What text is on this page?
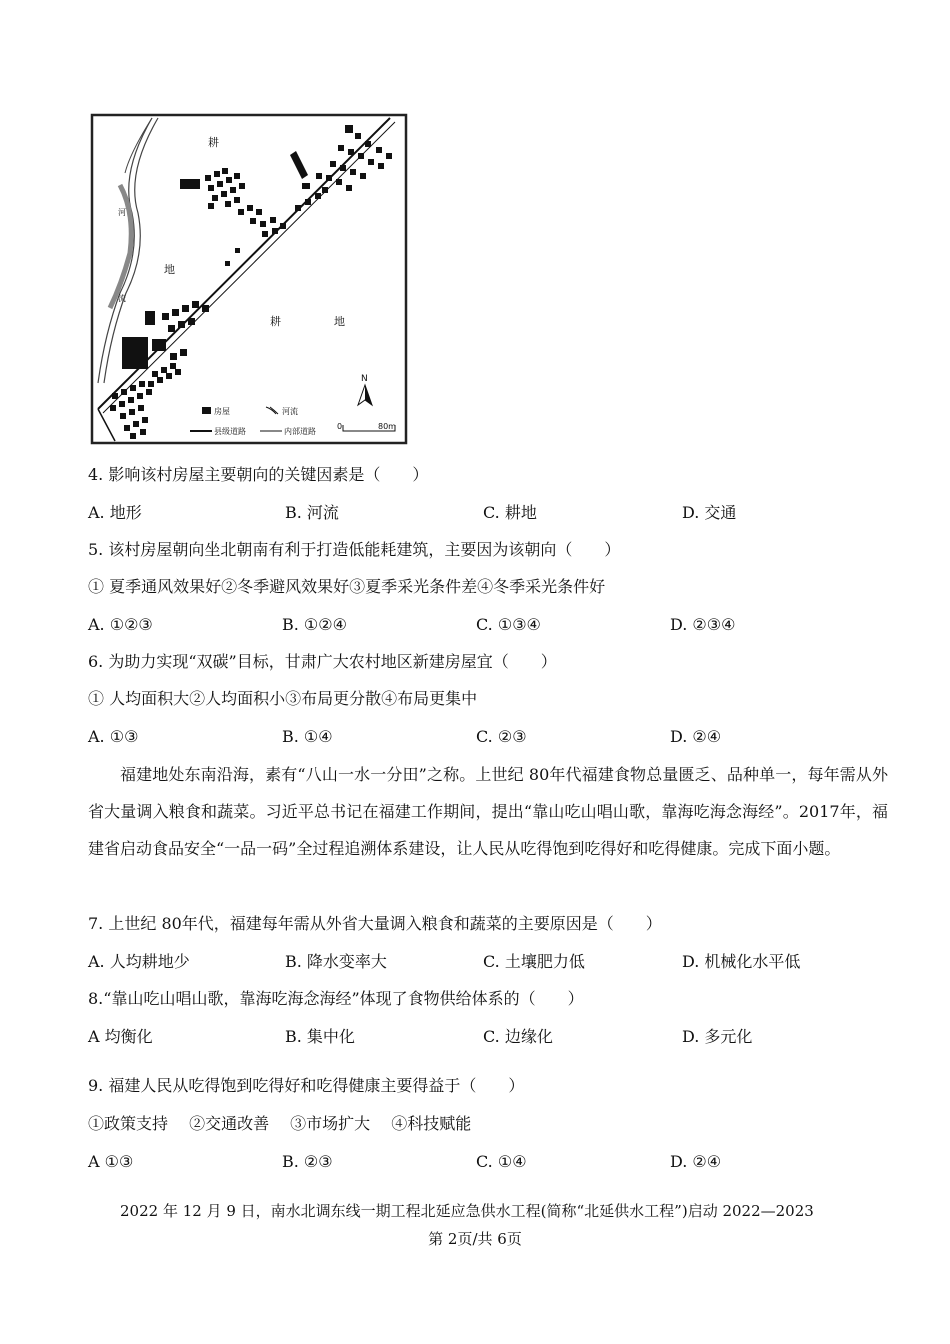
耕
河
流
地
耕	地
N
房屋	河流
县级道路	内部道路
0	80m
4. 影响该村房屋主要朝向的关键因素是（　　）
A. 地形	B. 河流	C. 耕地	D. 交通
5. 该村房屋朝向坐北朝南有利于打造低能耗建筑，主要因为该朝向（　　）
① 夏季通风效果好②冬季避风效果好③夏季采光条件差④冬季采光条件好
A. ①②③	B. ①②④	C. ①③④	D. ②③④
6. 为助力实现“双碳”目标，甘肃广大农村地区新建房屋宜（　　）
① 人均面积大②人均面积小③布局更分散④布局更集中
A. ①③	B. ①④	C. ②③	D. ②④
福建地处东南沿海，素有“八山一水一分田”之称。上世纪 80年代福建食物总量匮乏、品种单一，每年需从外省大量调入粮食和蔬菜。习近平总书记在福建工作期间，提出“靠山吃山唱山歌，靠海吃海念海经”。2017年，福建省启动食品安全“一品一码”全过程追溯体系建设，让人民从吃得饱到吃得好和吃得健康。完成下面小题。
7. 上世纪 80年代，福建每年需从外省大量调入粮食和蔬菜的主要原因是（　　）
A. 人均耕地少	B. 降水变率大	C. 土壤肥力低	D. 机械化水平低
8.“靠山吃山唱山歌，靠海吃海念海经”体现了食物供给体系的（　　）
A 均衡化	B. 集中化	C. 边缘化	D. 多元化
9. 福建人民从吃得饱到吃得好和吃得健康主要得益于（　　）
①政策支持　 ②交通改善　 ③市场扩大　 ④科技赋能
A ①③	B. ②③	C. ①④	D. ②④
2022 年 12 月 9 日，南水北调东线一期工程北延应急供水工程(简称“北延供水工程”)启动 2022—2023
第 2页/共 6页
